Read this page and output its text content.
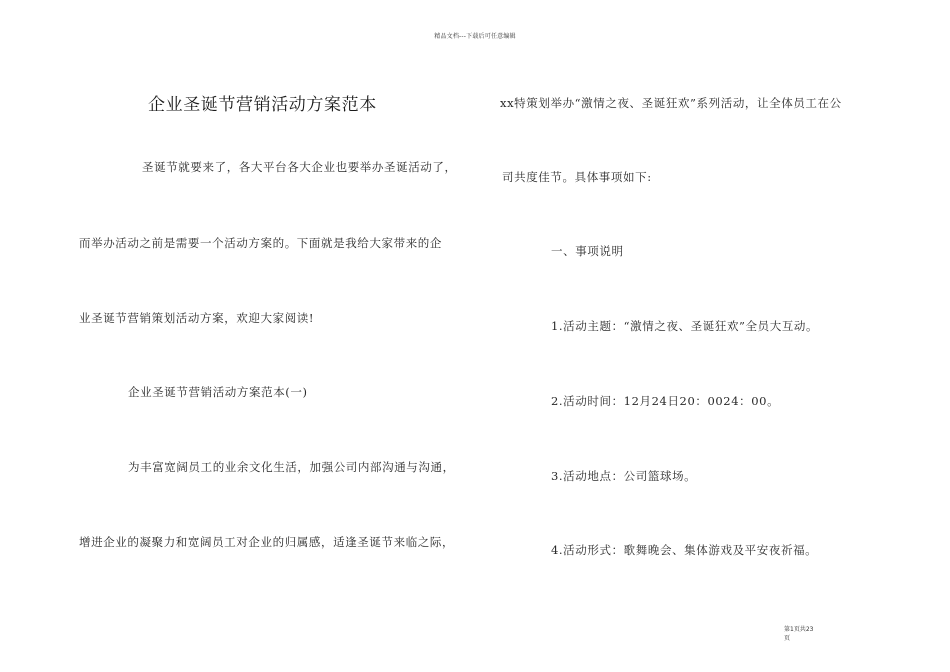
精品文档---下载后可任意编辑
企业圣诞节营销活动方案范本
圣诞节就要来了，各大平台各大企业也要举办圣诞活动了，
而举办活动之前是需要一个活动方案的。下面就是我给大家带来的企
业圣诞节营销策划活动方案，欢迎大家阅读!
企业圣诞节营销活动方案范本(一)
为丰富宽阔员工的业余文化生活，加强公司内部沟通与沟通，
增进企业的凝聚力和宽阔员工对企业的归属感，适逢圣诞节来临之际，
xx特策划举办“激情之夜、圣诞狂欢”系列活动，让全体员工在公
司共度佳节。具体事项如下:
一、事项说明
1.活动主题：“激情之夜、圣诞狂欢”全员大互动。
2.活动时间：12月24日20：0024：00。
3.活动地点：公司篮球场。
4.活动形式：歌舞晚会、集体游戏及平安夜祈福。
第1页共23
页
